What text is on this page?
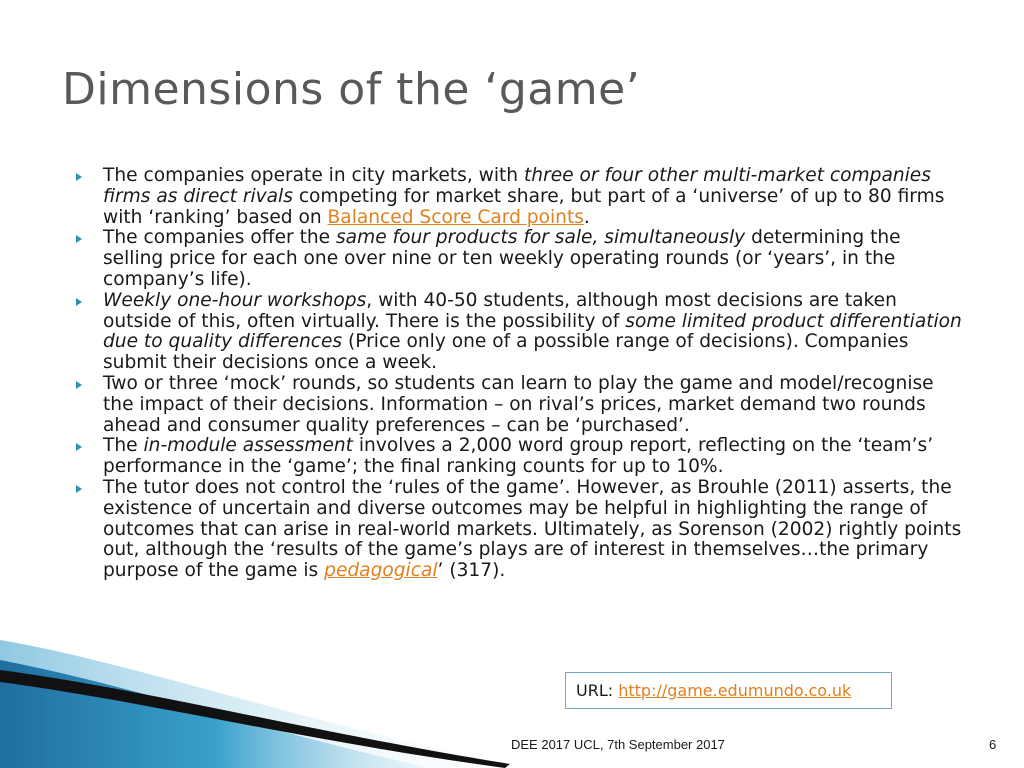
Dimensions of the ‘game’
The companies operate in city markets, with three or four other multi-market companies firms as direct rivals competing for market share, but part of a ‘universe’ of up to 80 firms with ‘ranking’ based on Balanced Score Card points.
The companies offer the same four products for sale, simultaneously determining the selling price for each one over nine or ten weekly operating rounds (or ‘years’, in the company’s life).
Weekly one-hour workshops, with 40-50 students, although most decisions are taken outside of this, often virtually. There is the possibility of some limited product differentiation due to quality differences (Price only one of a possible range of decisions). Companies submit their decisions once a week.
Two or three ‘mock’ rounds, so students can learn to play the game and model/recognise the impact of their decisions. Information – on rival’s prices, market demand two rounds ahead and consumer quality preferences – can be ‘purchased’.
The in-module assessment involves a 2,000 word group report, reflecting on the ‘team’s’ performance in the ‘game’; the final ranking counts for up to 10%.
The tutor does not control the ‘rules of the game’. However, as Brouhle (2011) asserts, the existence of uncertain and diverse outcomes may be helpful in highlighting the range of outcomes that can arise in real-world markets. Ultimately, as Sorenson (2002) rightly points out, although the ‘results of the game’s plays are of interest in themselves…the primary purpose of the game is pedagogical’ (317).
URL: http://game.edumundo.co.uk
DEE 2017 UCL, 7th September 2017	6
